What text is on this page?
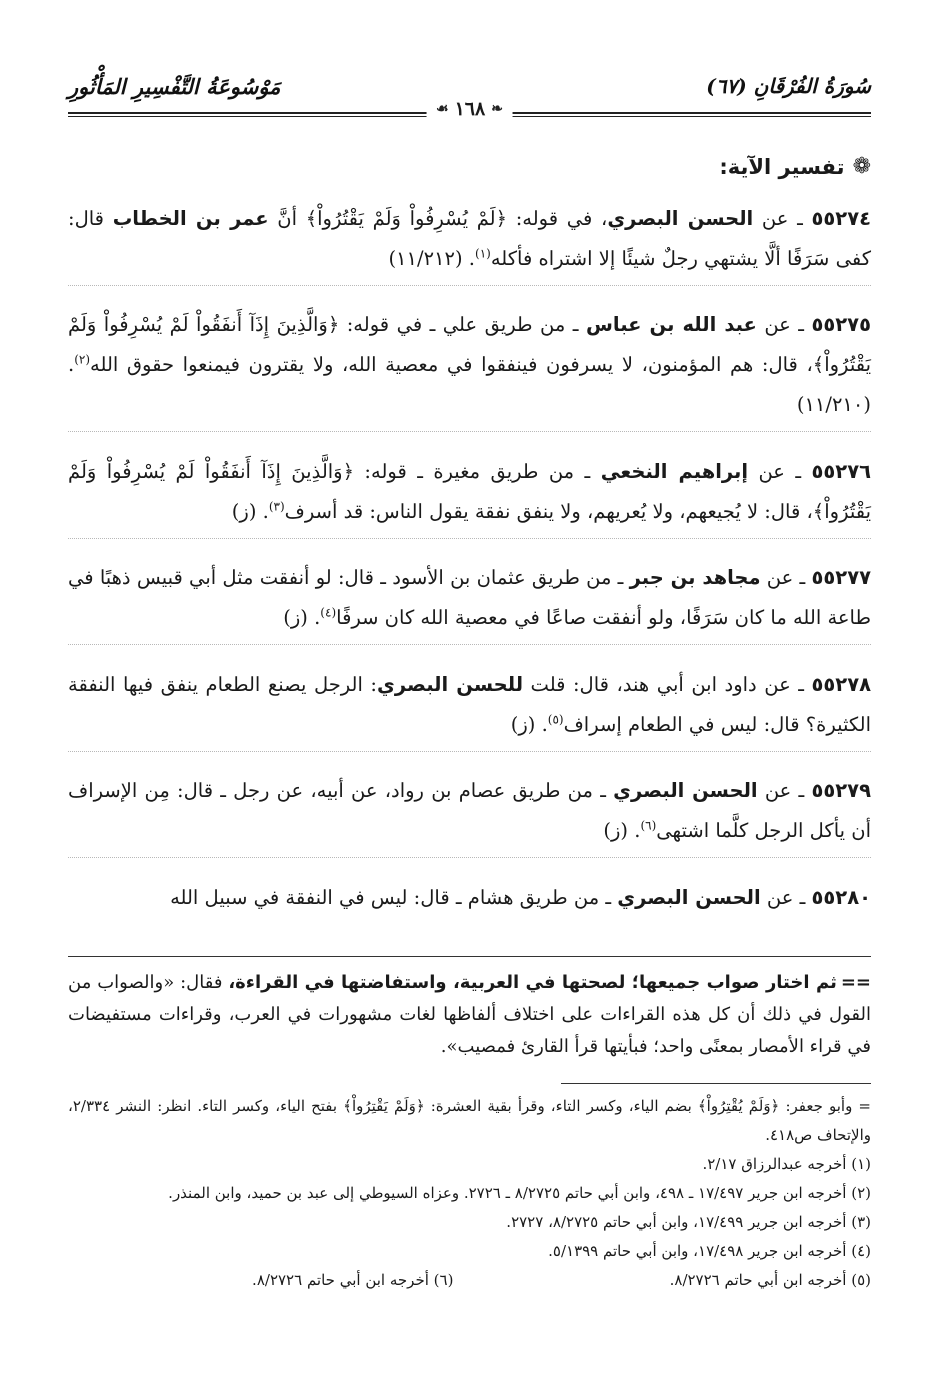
سُورَةُ الفُرْقَانِ (٦٧)
مَوْسُوعَةُ التَّفْسِيرِ المَأْثُورِ
❧
١٦٨
☙
❁
تفسير الآية:

٥٥٢٧٤ ـ عن الحسن البصري، في قوله: ﴿لَمْ يُسْرِفُواْ وَلَمْ يَقْتُرُواْ﴾ أنَّ عمر بن الخطاب قال: كفى سَرَفًا ألَّا يشتهي رجلٌ شيئًا إلا اشتراه فأكله$^{(١)}$. (١١/٢١٢)

٥٥٢٧٥ ـ عن عبد الله بن عباس ـ من طريق علي ـ في قوله: ﴿وَالَّذِينَ إِذَآ أَنفَقُواْ لَمْ يُسْرِفُواْ وَلَمْ يَقْتُرُواْ﴾، قال: هم المؤمنون، لا يسرفون فينفقوا في معصية الله، ولا يقترون فيمنعوا حقوق الله$^{(٢)}$. (١١/٢١٠)

٥٥٢٧٦ ـ عن إبراهيم النخعي ـ من طريق مغيرة ـ قوله: ﴿وَالَّذِينَ إِذَآ أَنفَقُواْ لَمْ يُسْرِفُواْ وَلَمْ يَقْتُرُواْ﴾، قال: لا يُجيعهم، ولا يُعريهم، ولا ينفق نفقة يقول الناس: قد أسرف$^{(٣)}$. (ز)

٥٥٢٧٧ ـ عن مجاهد بن جبر ـ من طريق عثمان بن الأسود ـ قال: لو أنفقت مثل أبي قبيس ذهبًا في طاعة الله ما كان سَرَفًا، ولو أنفقت صاعًا في معصية الله كان سرفًا$^{(٤)}$. (ز)

٥٥٢٧٨ ـ عن داود ابن أبي هند، قال: قلت للحسن البصري: الرجل يصنع الطعام ينفق فيها النفقة الكثيرة؟ قال: ليس في الطعام إسراف$^{(٥)}$. (ز)

٥٥٢٧٩ ـ عن الحسن البصري ـ من طريق عصام بن رواد، عن أبيه، عن رجل ـ قال: مِن الإسراف أن يأكل الرجل كلَّما اشتهى$^{(٦)}$. (ز)

٥٥٢٨٠ ـ عن الحسن البصري ـ من طريق هشام ـ قال: ليس في النفقة في سبيل الله

==ثم اختار صواب جميعها؛ لصحتها في العربية، واستفاضتها في القراءة، فقال: «والصواب من القول في ذلك أن كل هذه القراءات على اختلاف ألفاظها لغات مشهورات في العرب، وقراءات مستفيضات في قراء الأمصار بمعنًى واحد؛ فبأيتها قرأ القارئ فمصيب».

= وأبو جعفر: ﴿وَلَمْ يُقْتِرُواْ﴾ بضم الياء، وكسر التاء، وقرأ بقية العشرة: ﴿وَلَمْ يَقْتِرُواْ﴾ بفتح الياء، وكسر التاء. انظر: النشر ٢/٣٣٤، والإتحاف ص٤١٨.

(١) أخرجه عبدالرزاق ٢/١٧.

(٢) أخرجه ابن جرير ١٧/٤٩٧ ـ ٤٩٨، وابن أبي حاتم ٨/٢٧٢٥ ـ ٢٧٢٦. وعزاه السيوطي إلى عبد بن حميد، وابن المنذر.

(٣) أخرجه ابن جرير ١٧/٤٩٩، وابن أبي حاتم ٨/٢٧٢٥، ٢٧٢٧.

(٤) أخرجه ابن جرير ١٧/٤٩٨، وابن أبي حاتم ٥/١٣٩٩.

(٥) أخرجه ابن أبي حاتم ٨/٢٧٢٦.

(٦) أخرجه ابن أبي حاتم ٨/٢٧٢٦.
